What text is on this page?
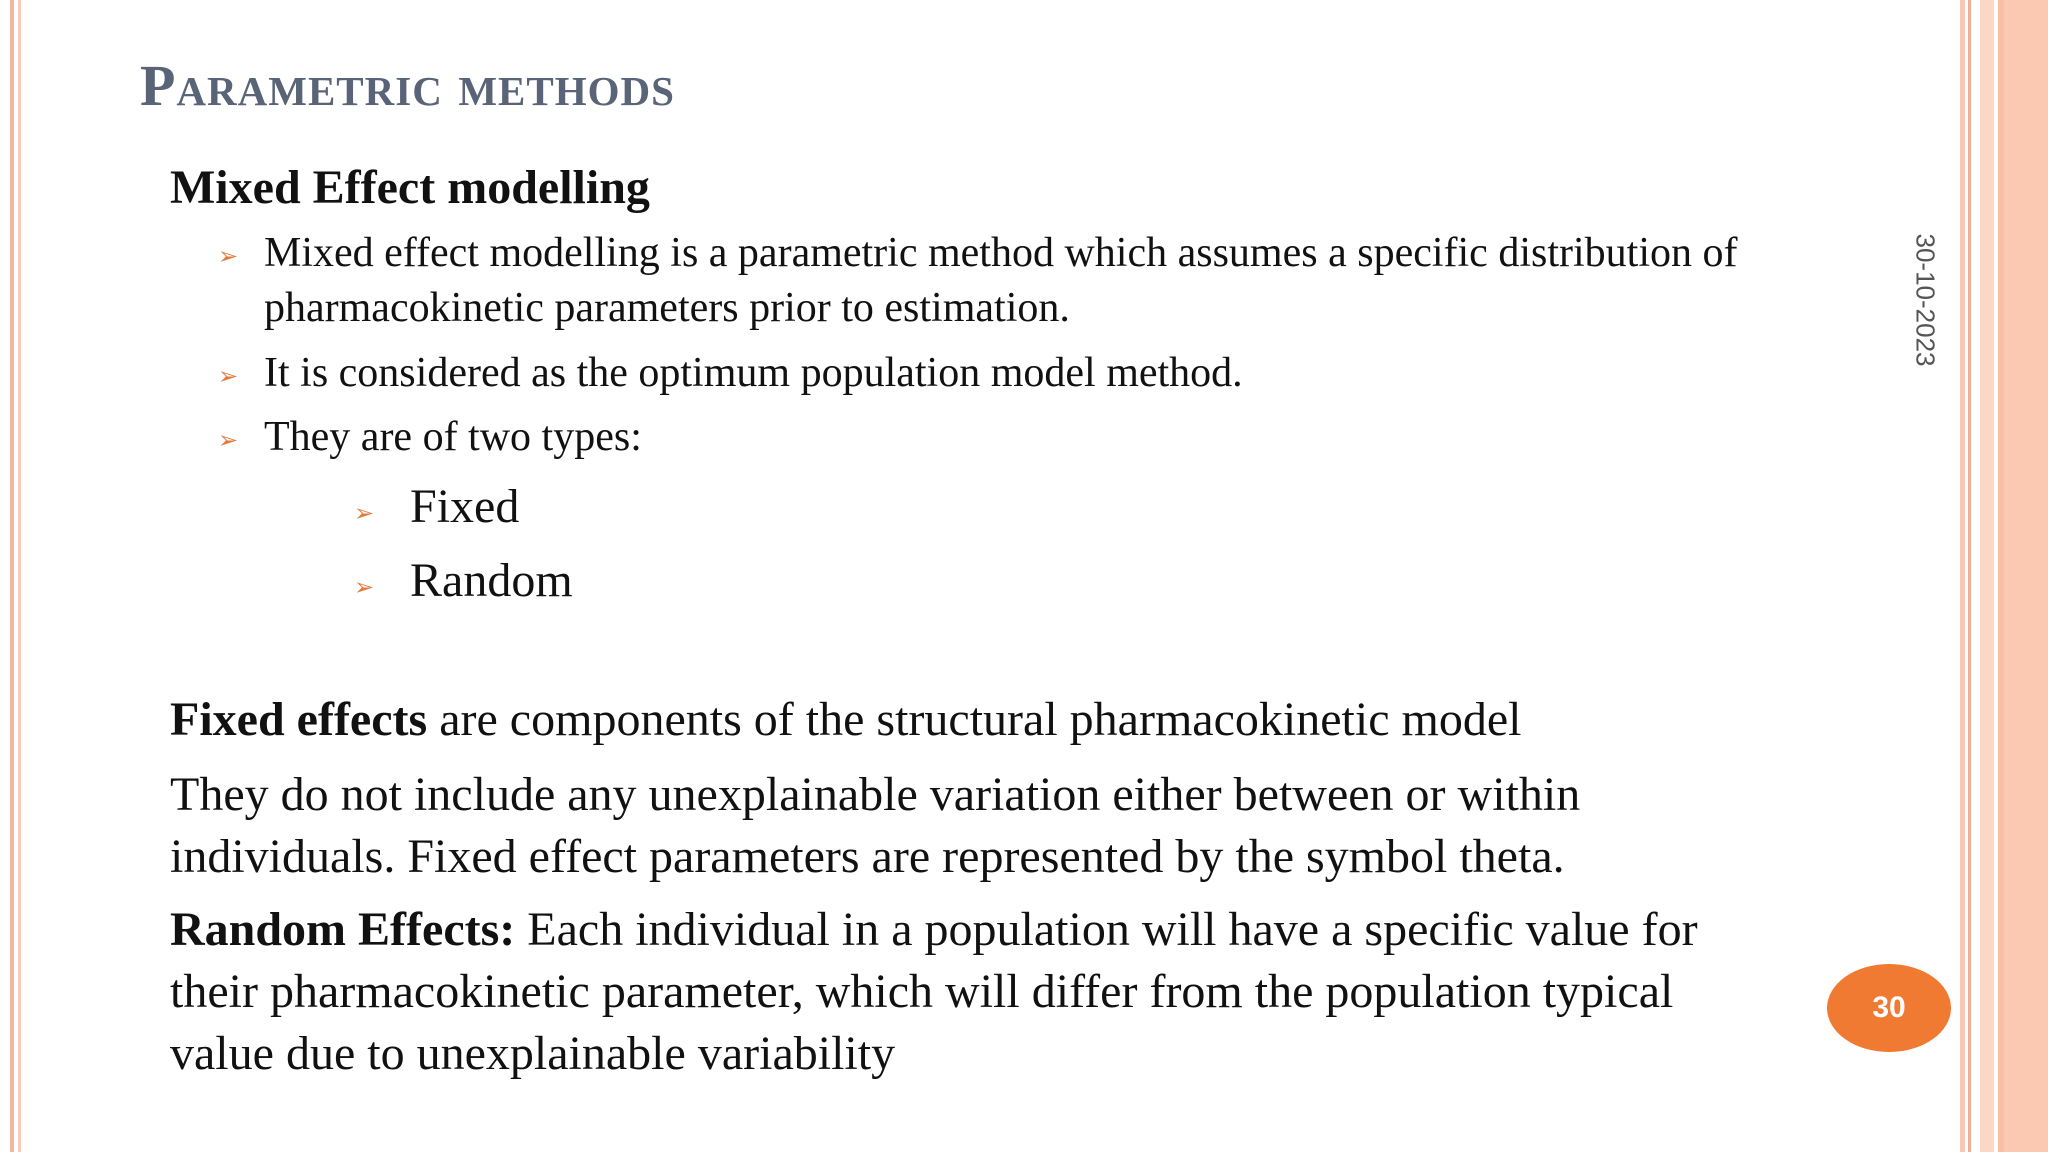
Parametric methods
Mixed Effect modelling
➢ Mixed effect modelling is a parametric method which assumes a specific distribution of pharmacokinetic parameters prior to estimation.
➢ It is considered as the optimum population model method.
➢ They are of two types:
➢ Fixed
➢ Random
Fixed effects are components of the structural pharmacokinetic model
They do not include any unexplainable variation either between or within individuals. Fixed effect parameters are represented by the symbol theta.
Random Effects: Each individual in a population will have a specific value for their pharmacokinetic parameter, which will differ from the population typical value due to unexplainable variability
30-10-2023
30
